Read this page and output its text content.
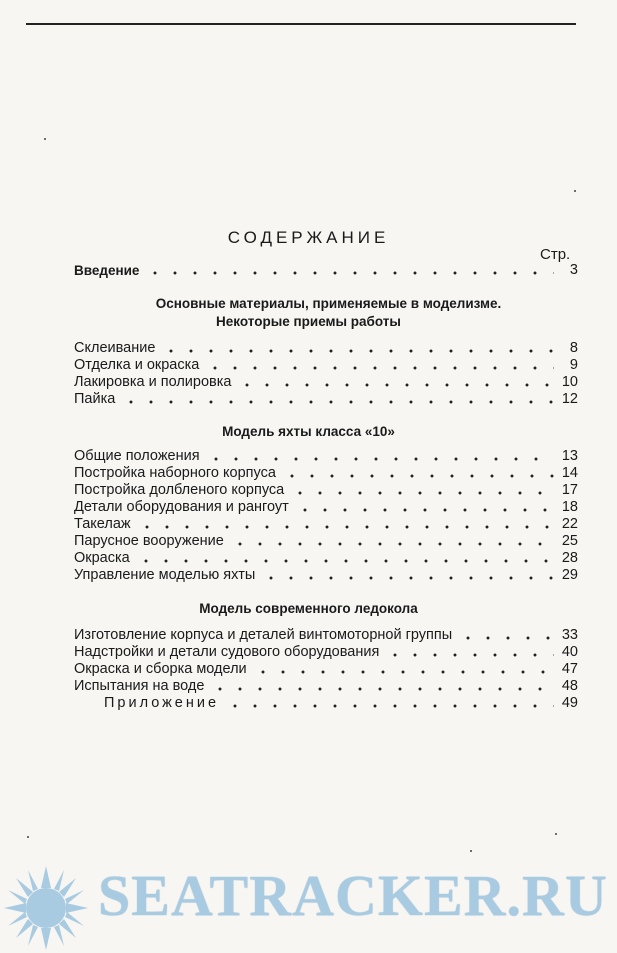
СОДЕРЖАНИЕ
Стр.
Введение	3
Основные материалы, применяемые в моделизме.
Некоторые приемы работы
Склеивание	8
Отделка и окраска	9
Лакировка и полировка	10
Пайка	12
Модель яхты класса «10»
Общие положения	13
Постройка наборного корпуса	14
Постройка долбленого корпуса	17
Детали оборудования и рангоут	18
Такелаж	22
Парусное вооружение	25
Окраска	28
Управление моделью яхты	29
Модель современного ледокола
Изготовление корпуса и деталей винтомоторной группы	33
Надстройки и детали судового оборудования	40
Окраска и сборка модели	47
Испытания на воде	48
Приложение	49
SEATRACKER.RU
